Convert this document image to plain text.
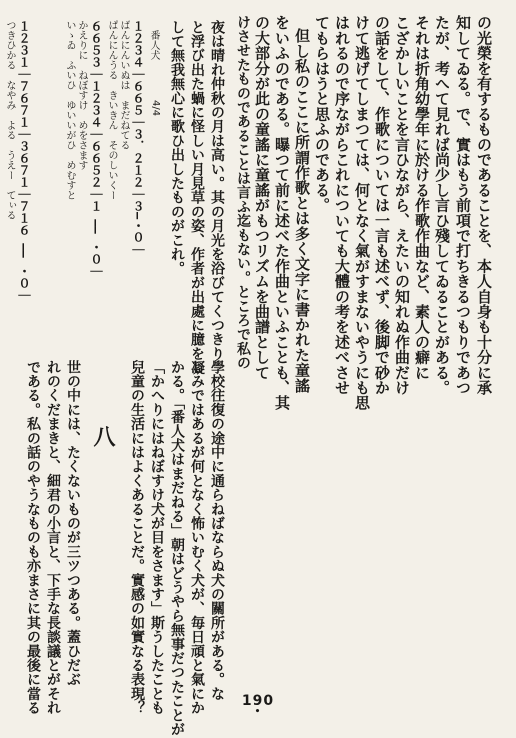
の光榮を有するものであることを、本人自身も十分に承
知してゐる。で、實はもう前項で打ちきるつもりであつ
たが、考へて見れば尚少し言ひ殘してゐることがある。
それは折角幼學年に於ける作歌作曲など、素人の癖に
こざかしいことを言ひながら、えたいの知れぬ作曲だけ
の話をして、作歌については一言も述べず、後脚で砂か
けて逃げてしまつては、何となく氣がすまないやうにも思
はれるので序ながらこれについても大體の考を述べさせ
てもらはうと思ふのである。
但し私のここに所謂作歌とは多く文字に書かれた童謠
をいふのである。曝つて前に述べた作曲といふことも、其
の大部分が此の童謠に童謠がもつリズムを曲譜として
けさせたものであることは言ふ迄もない。ところで私の
夜は晴れ仲秋の月は高い。其の月光を浴びてくつきり
と浮び出た蝸に怪しい月見草の姿、作者が出處に臆を凝
して無我無心に歌ひ出したものがこれ。
番人犬
4/4
１２３４｜６６５｜３．２１２｜３―・０｜
ばんにんいぬは　まだねてる
ぱんにんうる　きいきん　そのしいくー
６６５３｜１２３４｜６６５２｜１ ―― ・０｜
かえりに　ねぼすけ　めをさます
いゝゐ　ふいひ　ゆいいがひ　めむすと
１２３１｜７６７１｜３６７１｜７１６ ―― ・０｜
つきひかる　なやみ　よる　うえー　てぃる
學校往復の途中に通らねばならぬ犬の關所がある。な
じみではあるが何となく怖いむく犬が、毎日頑と氣にか
かる。「番人犬はまだねる」朝はどうやら無事だつたことが
「かへりにはねぼすけ犬が目をさます」斯うしたことも
兒童の生活にはよくあることだ。實感の如實なる表現？
八
世の中には、たくないものが三ツつある。蓋ひだぶ
れのくだまきと、細君の小言と、下手な長談議とがそれ
である。私の話のやうなものも亦まさに其の最後に當る	190
•
